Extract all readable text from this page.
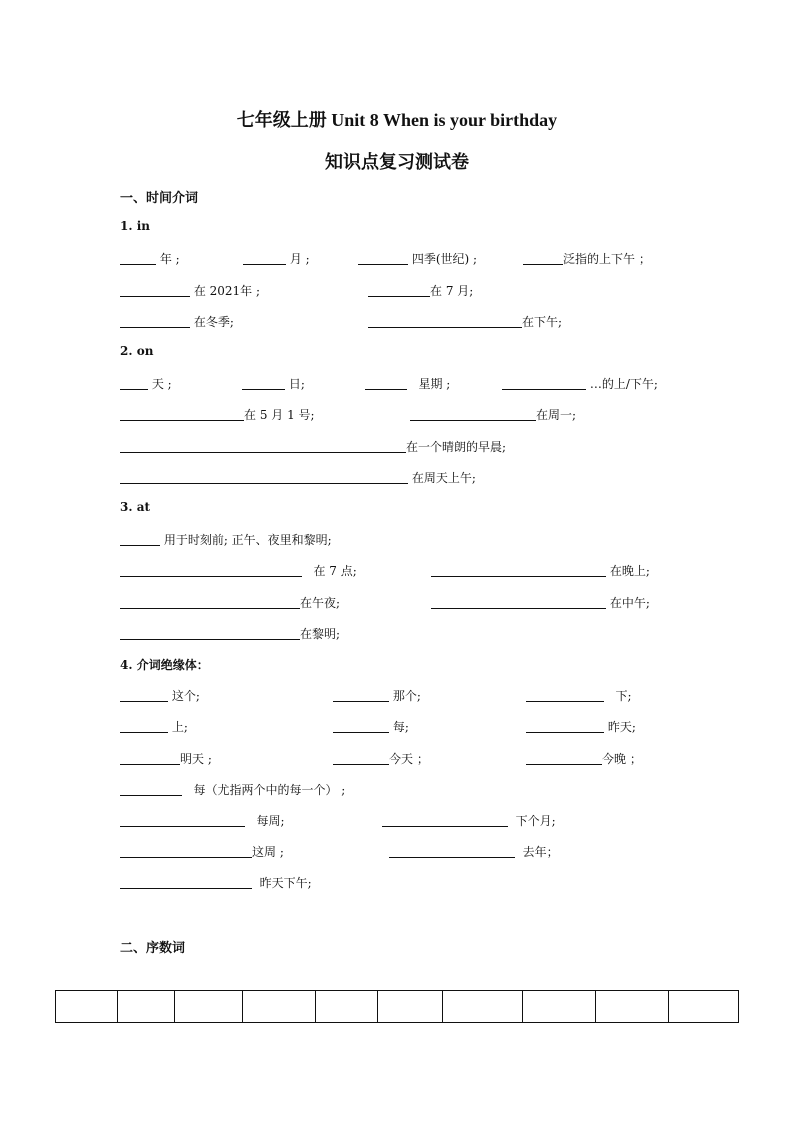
七年级上册 Unit 8 When is your birthday
知识点复习测试卷
一、时间介词
1. in
年 ;	月 ;	四季(世纪) ;	泛指的上下午 ；
在 2021年 ;	在 7 月;
在冬季;	在下午;
2. on
天 ;	日;	星期 ;	…的上/下午;
在 5 月 1 号;	在周一;
在一个晴朗的早晨;
在周天上午;
3. at
用于时刻前; 正午、夜里和黎明;
在 7 点;	在晚上;
在午夜;	在中午;
在黎明;
4. 介词绝缘体：
这个;	那个;	下;
上;	每;	昨天;
明天 ;	今天 ；	今晚 ；
每（尤指两个中的每一个） ;
每周;	下个月;
这周 ;	去年；
昨天下午;
二、序数词
